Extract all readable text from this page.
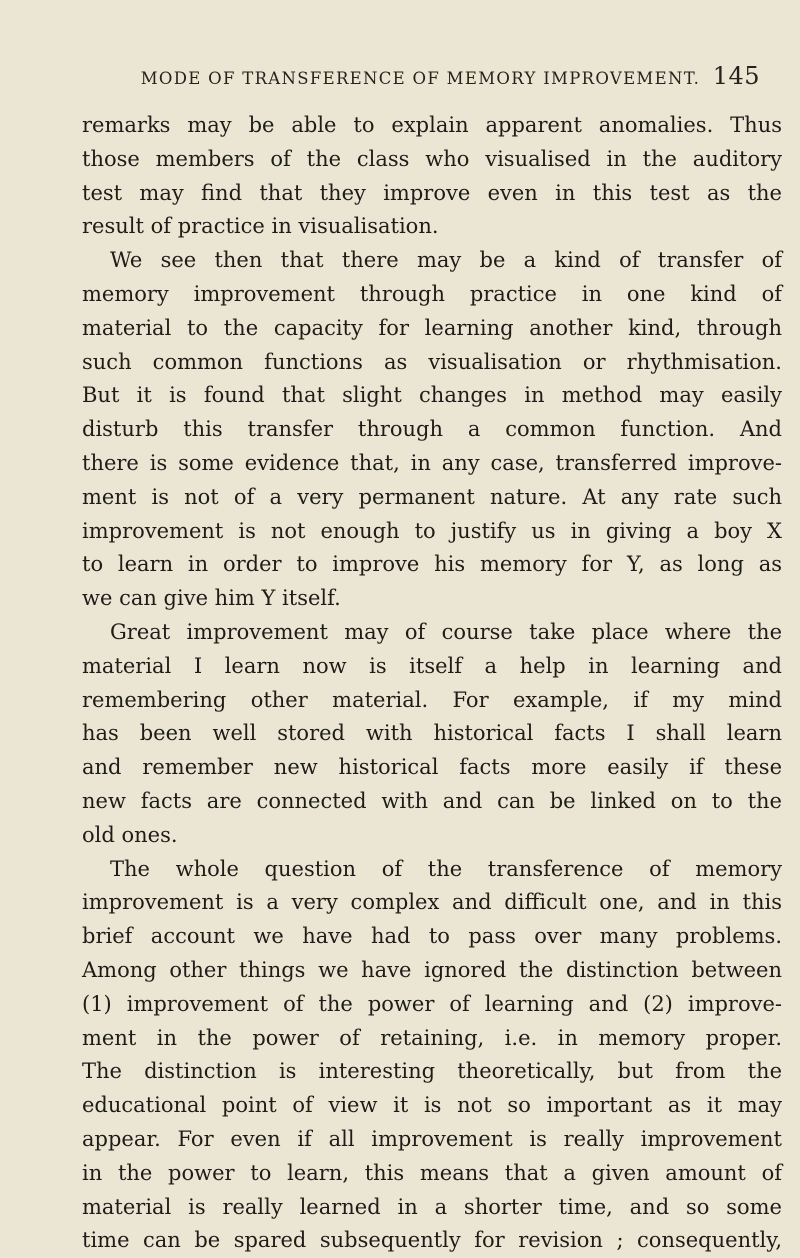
MODE OF TRANSFERENCE OF MEMORY IMPROVEMENT. 145
remarks may be able to explain apparent anomalies. Thus
those members of the class who visualised in the auditory
test may find that they improve even in this test as the
result of practice in visualisation.
We see then that there may be a kind of transfer of
memory improvement through practice in one kind of
material to the capacity for learning another kind, through
such common functions as visualisation or rhythmisation.
But it is found that slight changes in method may easily
disturb this transfer through a common function. And
there is some evidence that, in any case, transferred improve-
ment is not of a very permanent nature. At any rate such
improvement is not enough to justify us in giving a boy X
to learn in order to improve his memory for Y, as long as
we can give him Y itself.
Great improvement may of course take place where the
material I learn now is itself a help in learning and
remembering other material. For example, if my mind
has been well stored with historical facts I shall learn
and remember new historical facts more easily if these
new facts are connected with and can be linked on to the
old ones.
The whole question of the transference of memory
improvement is a very complex and difficult one, and in this
brief account we have had to pass over many problems.
Among other things we have ignored the distinction between
(1) improvement of the power of learning and (2) improve-
ment in the power of retaining, i.e. in memory proper.
The distinction is interesting theoretically, but from the
educational point of view it is not so important as it may
appear. For even if all improvement is really improvement
in the power to learn, this means that a given amount of
material is really learned in a shorter time, and so some
time can be spared subsequently for revision ; consequently,
